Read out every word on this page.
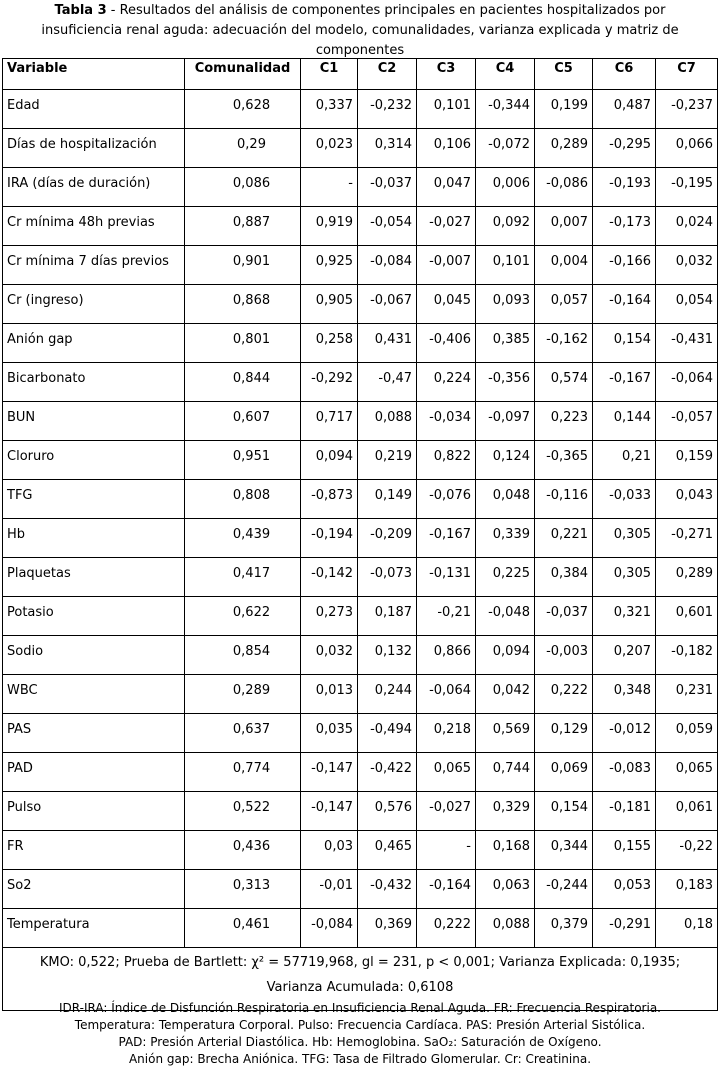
Tabla 3 - Resultados del análisis de componentes principales en pacientes hospitalizados por insuficiencia renal aguda: adecuación del modelo, comunalidades, varianza explicada y matriz de componentes
Variable	Comunalidad	C1	C2	C3	C4	C5	C6	C7
Edad	0,628	0,337	-0,232	0,101	-0,344	0,199	0,487	-0,237
Días de hospitalización	0,29	0,023	0,314	0,106	-0,072	0,289	-0,295	0,066
IRA (días de duración)	0,086	-	-0,037	0,047	0,006	-0,086	-0,193	-0,195
Cr mínima 48h previas	0,887	0,919	-0,054	-0,027	0,092	0,007	-0,173	0,024
Cr mínima 7 días previos	0,901	0,925	-0,084	-0,007	0,101	0,004	-0,166	0,032
Cr (ingreso)	0,868	0,905	-0,067	0,045	0,093	0,057	-0,164	0,054
Anión gap	0,801	0,258	0,431	-0,406	0,385	-0,162	0,154	-0,431
Bicarbonato	0,844	-0,292	-0,47	0,224	-0,356	0,574	-0,167	-0,064
BUN	0,607	0,717	0,088	-0,034	-0,097	0,223	0,144	-0,057
Cloruro	0,951	0,094	0,219	0,822	0,124	-0,365	0,21	0,159
TFG	0,808	-0,873	0,149	-0,076	0,048	-0,116	-0,033	0,043
Hb	0,439	-0,194	-0,209	-0,167	0,339	0,221	0,305	-0,271
Plaquetas	0,417	-0,142	-0,073	-0,131	0,225	0,384	0,305	0,289
Potasio	0,622	0,273	0,187	-0,21	-0,048	-0,037	0,321	0,601
Sodio	0,854	0,032	0,132	0,866	0,094	-0,003	0,207	-0,182
WBC	0,289	0,013	0,244	-0,064	0,042	0,222	0,348	0,231
PAS	0,637	0,035	-0,494	0,218	0,569	0,129	-0,012	0,059
PAD	0,774	-0,147	-0,422	0,065	0,744	0,069	-0,083	0,065
Pulso	0,522	-0,147	0,576	-0,027	0,329	0,154	-0,181	0,061
FR	0,436	0,03	0,465	-	0,168	0,344	0,155	-0,22
So2	0,313	-0,01	-0,432	-0,164	0,063	-0,244	0,053	0,183
Temperatura	0,461	-0,084	0,369	0,222	0,088	0,379	-0,291	0,18

KMO: 0,522; Prueba de Bartlett: χ² = 57719,968, gl = 231, p < 0,001; Varianza Explicada: 0,1935;
Varianza Acumulada: 0,6108								
IDR-IRA: Índice de Disfunción Respiratoria en Insuficiencia Renal Aguda. FR: Frecuencia Respiratoria.
Temperatura: Temperatura Corporal. Pulso: Frecuencia Cardíaca. PAS: Presión Arterial Sistólica.
PAD: Presión Arterial Diastólica. Hb: Hemoglobina. SaO₂: Saturación de Oxígeno.
Anión gap: Brecha Aniónica. TFG: Tasa de Filtrado Glomerular. Cr: Creatinina.
